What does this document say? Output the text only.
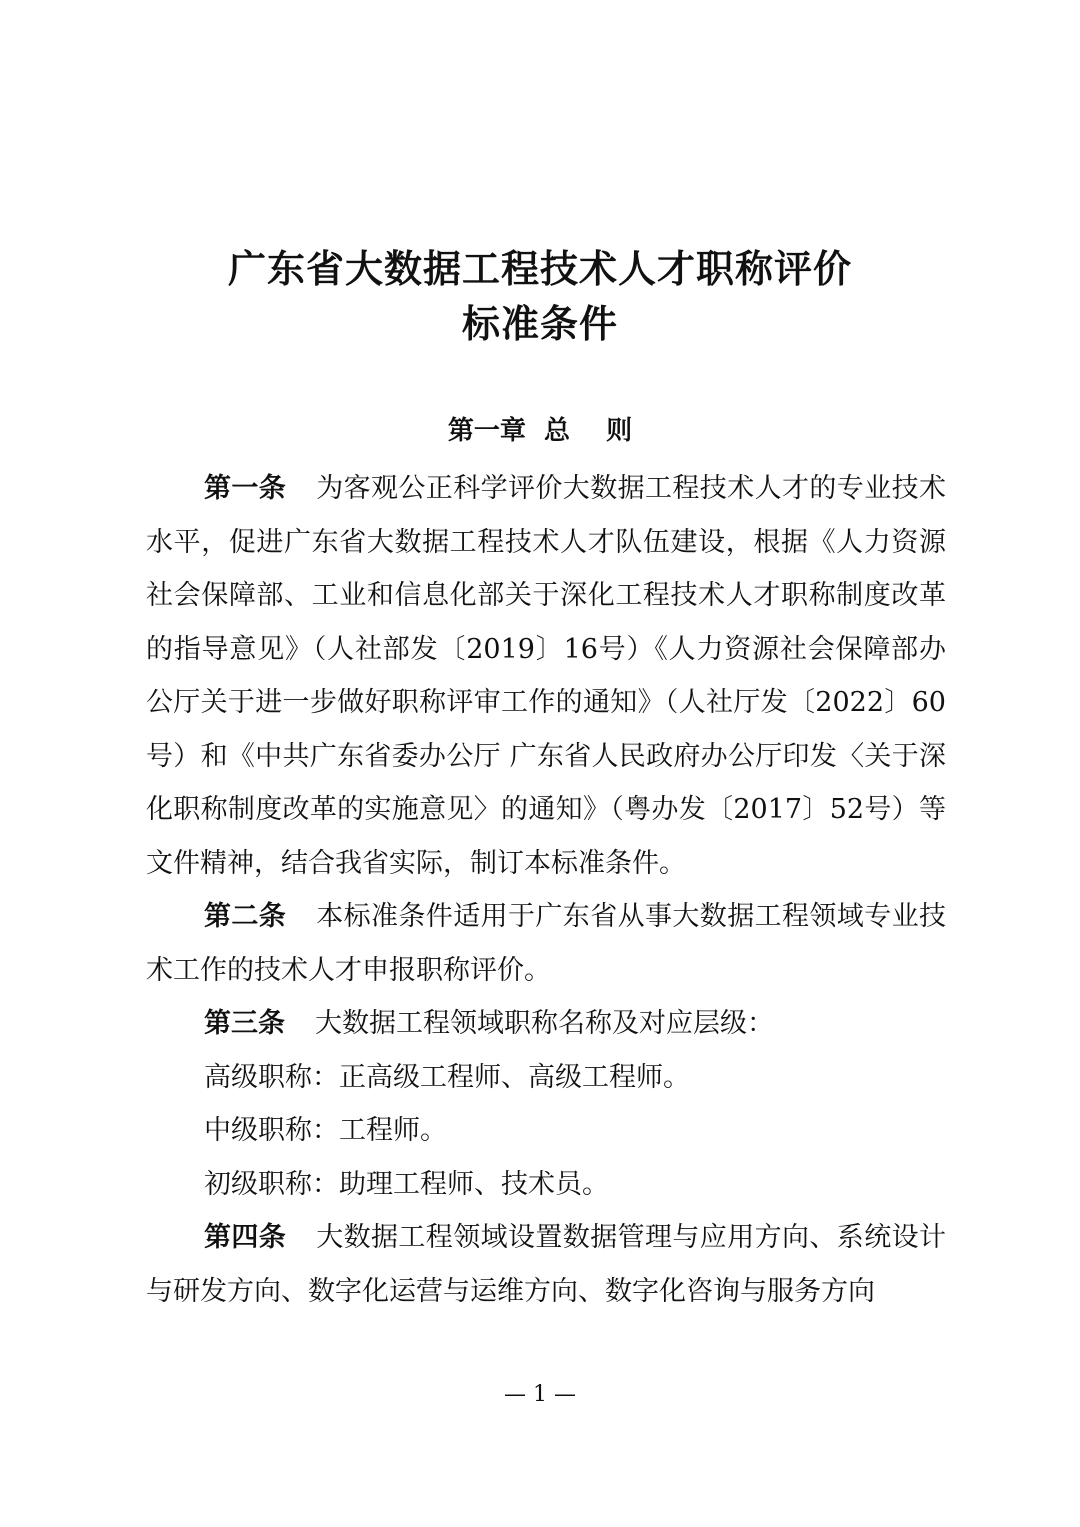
广东省大数据工程技术人才职称评价
标准条件
第一章  总    则

第一条 为客观公正科学评价大数据工程技术人才的专业技术水平，促进广东省大数据工程技术人才队伍建设，根据《人力资源社会保障部、工业和信息化部关于深化工程技术人才职称制度改革的指导意见》（人社部发〔2019〕16号）《人力资源社会保障部办公厅关于进一步做好职称评审工作的通知》（人社厅发〔2022〕60号）和《中共广东省委办公厅 广东省人民政府办公厅印发〈关于深化职称制度改革的实施意见〉的通知》（粤办发〔2017〕52号）等文件精神，结合我省实际，制订本标准条件。

第二条 本标准条件适用于广东省从事大数据工程领域专业技术工作的技术人才申报职称评价。

第三条 大数据工程领域职称名称及对应层级：

高级职称：正高级工程师、高级工程师。

中级职称：工程师。

初级职称：助理工程师、技术员。

第四条 大数据工程领域设置数据管理与应用方向、系统设计与研发方向、数字化运营与运维方向、数字化咨询与服务方向

— 1 —
